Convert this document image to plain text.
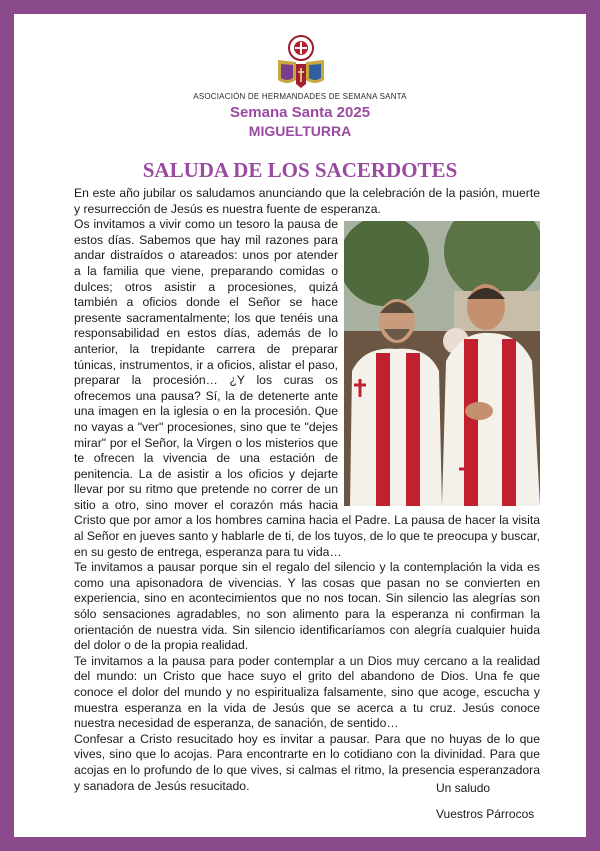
ASOCIACIÓN DE HERMANDADES DE SEMANA SANTA
Semana Santa 2025
MIGUELTURRA
SALUDA DE LOS SACERDOTES

En este año jubilar os saludamos anunciando que la celebración de la pasión, muerte y resurrección de Jesús es nuestra fuente de esperanza.

Os invitamos a vivir como un tesoro la pausa de estos días. Sabemos que hay mil razones para andar distraídos o atareados: unos por atender a la familia que viene, preparando comidas o dulces; otros asistir a procesiones, quizá también a oficios donde el Señor se hace presente sacramentalmente; los que tenéis una responsabilidad en estos días, además de lo anterior, la trepidante carrera de preparar túnicas, instrumentos, ir a oficios, alistar el paso, preparar la procesión… ¿Y los curas os ofrecemos una pausa? Sí, la de detenerte ante una imagen en la iglesia o en la procesión. Que no vayas a "ver" procesiones, sino que te "dejes mirar" por el Señor, la Virgen o los misterios que te ofrecen la vivencia de una estación de penitencia. La de asistir a los oficios y dejarte llevar por su ritmo que pretende no correr de un sitio a otro, sino mover el corazón más hacia Cristo que por amor a los hombres camina hacia el Padre. La pausa de hacer la visita al Señor en jueves santo y hablarle de ti, de los tuyos, de lo que te preocupa y buscar, en su gesto de entrega, esperanza para tu vida…

Te invitamos a pausar porque sin el regalo del silencio y la contemplación la vida es como una apisonadora de vivencias. Y las cosas que pasan no se convierten en experiencia, sino en acontecimientos que no nos tocan. Sin silencio las alegrías son sólo sensaciones agradables, no son alimento para la esperanza ni confirman la orientación de nuestra vida. Sin silencio identificaríamos con alegría cualquier huida del dolor o de la propia realidad.

Te invitamos a la pausa para poder contemplar a un Dios muy cercano a la realidad del mundo: un Cristo que hace suyo el grito del abandono de Dios. Una fe que conoce el dolor del mundo y no espiritualiza falsamente, sino que acoge, escucha y muestra esperanza en la vida de Jesús que se acerca a tu cruz. Jesús conoce nuestra necesidad de esperanza, de sanación, de sentido…

Confesar a Cristo resucitado hoy es invitar a pausar. Para que no huyas de lo que vives, sino que lo acojas. Para encontrarte en lo cotidiano con la divinidad. Para que acojas en lo profundo de lo que vives, si calmas el ritmo, la presencia esperanzadora y sanadora de Jesús resucitado.	Un saludo
Vuestros Párrocos
